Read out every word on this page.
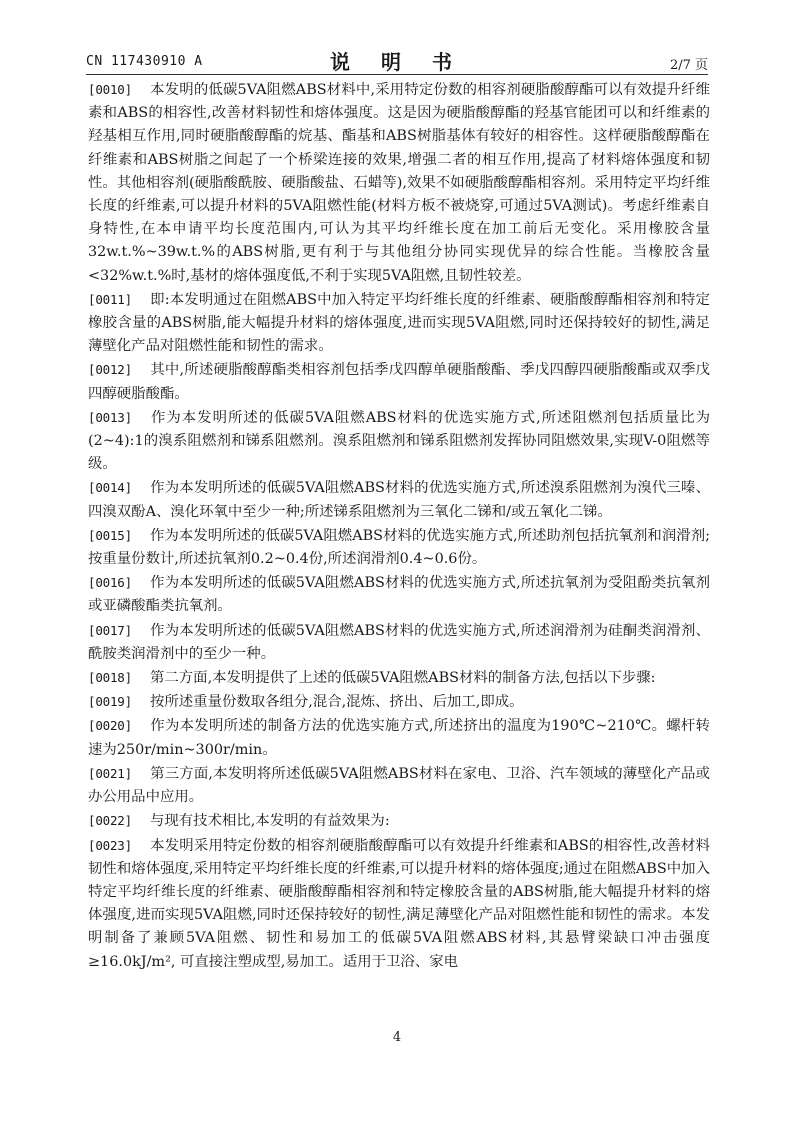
CN 117430910 A	说 明 书	2/7 页

[0010] 本发明的低碳5VA阻燃ABS材料中,采用特定份数的相容剂硬脂酸醇酯可以有效提升纤维素和ABS的相容性,改善材料韧性和熔体强度。这是因为硬脂酸醇酯的羟基官能团可以和纤维素的羟基相互作用,同时硬脂酸醇酯的烷基、酯基和ABS树脂基体有较好的相容性。这样硬脂酸醇酯在纤维素和ABS树脂之间起了一个桥梁连接的效果,增强二者的相互作用,提高了材料熔体强度和韧性。其他相容剂(硬脂酸酰胺、硬脂酸盐、石蜡等),效果不如硬脂酸醇酯相容剂。采用特定平均纤维长度的纤维素,可以提升材料的5VA阻燃性能(材料方板不被烧穿,可通过5VA测试)。考虑纤维素自身特性,在本申请平均长度范围内,可认为其平均纤维长度在加工前后无变化。采用橡胶含量32w.t.%~39w.t.%的ABS树脂,更有利于与其他组分协同实现优异的综合性能。当橡胶含量<32%w.t.%时,基材的熔体强度低,不利于实现5VA阻燃,且韧性较差。

[0011] 即:本发明通过在阻燃ABS中加入特定平均纤维长度的纤维素、硬脂酸醇酯相容剂和特定橡胶含量的ABS树脂,能大幅提升材料的熔体强度,进而实现5VA阻燃,同时还保持较好的韧性,满足薄壁化产品对阻燃性能和韧性的需求。

[0012] 其中,所述硬脂酸醇酯类相容剂包括季戊四醇单硬脂酸酯、季戊四醇四硬脂酸酯或双季戊四醇硬脂酸酯。

[0013] 作为本发明所述的低碳5VA阻燃ABS材料的优选实施方式,所述阻燃剂包括质量比为(2~4):1的溴系阻燃剂和锑系阻燃剂。溴系阻燃剂和锑系阻燃剂发挥协同阻燃效果,实现V-0阻燃等级。

[0014] 作为本发明所述的低碳5VA阻燃ABS材料的优选实施方式,所述溴系阻燃剂为溴代三嗪、四溴双酚A、溴化环氧中至少一种;所述锑系阻燃剂为三氧化二锑和/或五氧化二锑。

[0015] 作为本发明所述的低碳5VA阻燃ABS材料的优选实施方式,所述助剂包括抗氧剂和润滑剂;按重量份数计,所述抗氧剂0.2~0.4份,所述润滑剂0.4~0.6份。

[0016] 作为本发明所述的低碳5VA阻燃ABS材料的优选实施方式,所述抗氧剂为受阻酚类抗氧剂或亚磷酸酯类抗氧剂。

[0017] 作为本发明所述的低碳5VA阻燃ABS材料的优选实施方式,所述润滑剂为硅酮类润滑剂、酰胺类润滑剂中的至少一种。

[0018] 第二方面,本发明提供了上述的低碳5VA阻燃ABS材料的制备方法,包括以下步骤:

[0019] 按所述重量份数取各组分,混合,混炼、挤出、后加工,即成。

[0020] 作为本发明所述的制备方法的优选实施方式,所述挤出的温度为190℃~210℃。螺杆转速为250r/min~300r/min。

[0021] 第三方面,本发明将所述低碳5VA阻燃ABS材料在家电、卫浴、汽车领域的薄壁化产品或办公用品中应用。

[0022] 与现有技术相比,本发明的有益效果为:

[0023] 本发明采用特定份数的相容剂硬脂酸醇酯可以有效提升纤维素和ABS的相容性,改善材料韧性和熔体强度,采用特定平均纤维长度的纤维素,可以提升材料的熔体强度;通过在阻燃ABS中加入特定平均纤维长度的纤维素、硬脂酸醇酯相容剂和特定橡胶含量的ABS树脂,能大幅提升材料的熔体强度,进而实现5VA阻燃,同时还保持较好的韧性,满足薄壁化产品对阻燃性能和韧性的需求。本发明制备了兼顾5VA阻燃、韧性和易加工的低碳5VA阻燃ABS材料,其悬臂梁缺口冲击强度≥16.0kJ/m², 可直接注塑成型,易加工。适用于卫浴、家电

4
